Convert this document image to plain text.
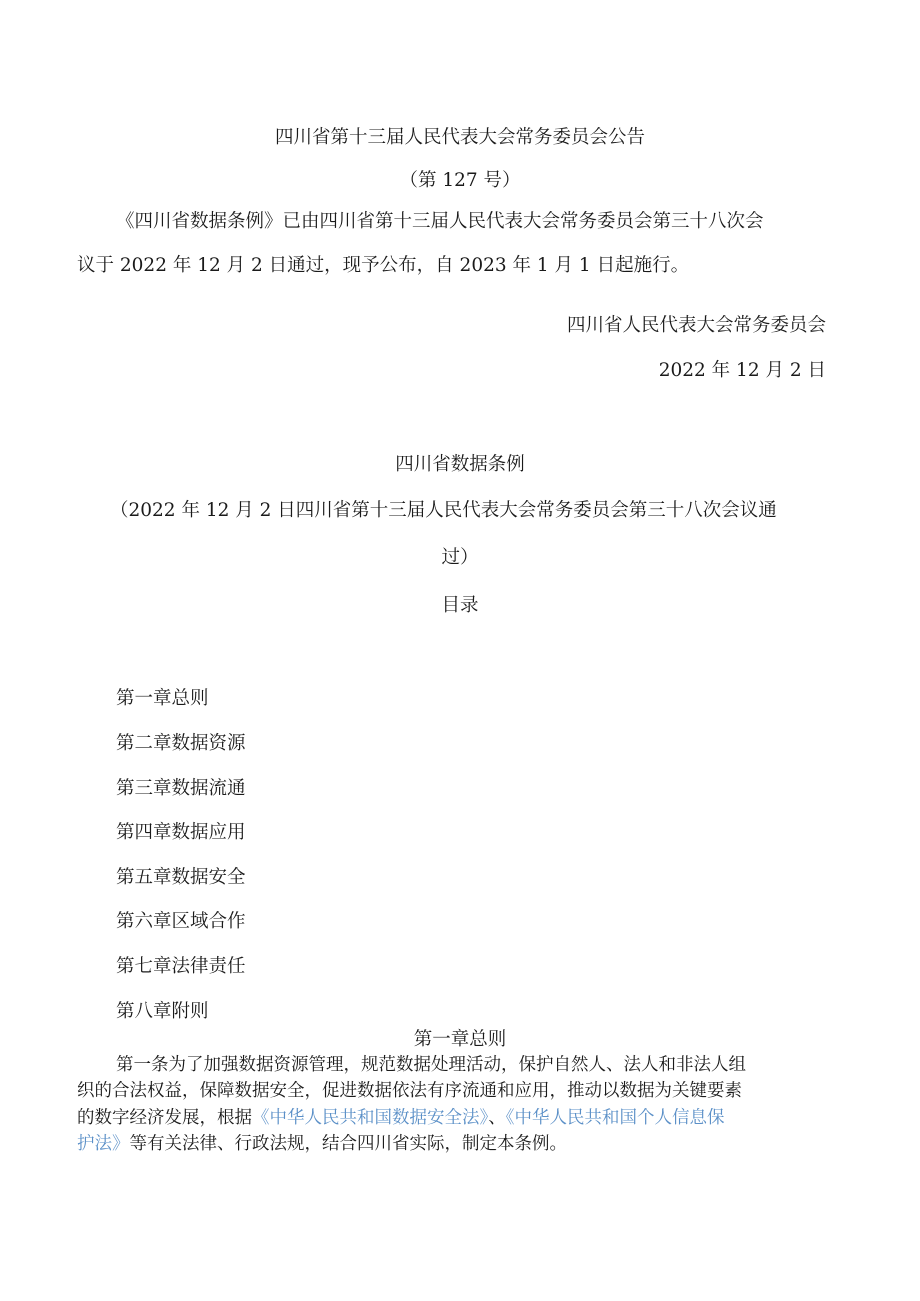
四川省第十三届人民代表大会常务委员会公告

（第 127 号）

《四川省数据条例》已由四川省第十三届人民代表大会常务委员会第三十八次会

议于 2022 年 12 月 2 日通过，现予公布，自 2023 年 1 月 1 日起施行。

四川省人民代表大会常务委员会

2022 年 12 月 2 日

四川省数据条例

（2022 年 12 月 2 日四川省第十三届人民代表大会常务委员会第三十八次会议通

过）

目录

第一章总则

第二章数据资源

第三章数据流通

第四章数据应用

第五章数据安全

第六章区域合作

第七章法律责任

第八章附则

第一章总则

第一条为了加强数据资源管理，规范数据处理活动，保护自然人、法人和非法人组

织的合法权益，保障数据安全，促进数据依法有序流通和应用，推动以数据为关键要素

的数字经济发展，根据《中华人民共和国数据安全法》、《中华人民共和国个人信息保

护法》等有关法律、行政法规，结合四川省实际，制定本条例。
